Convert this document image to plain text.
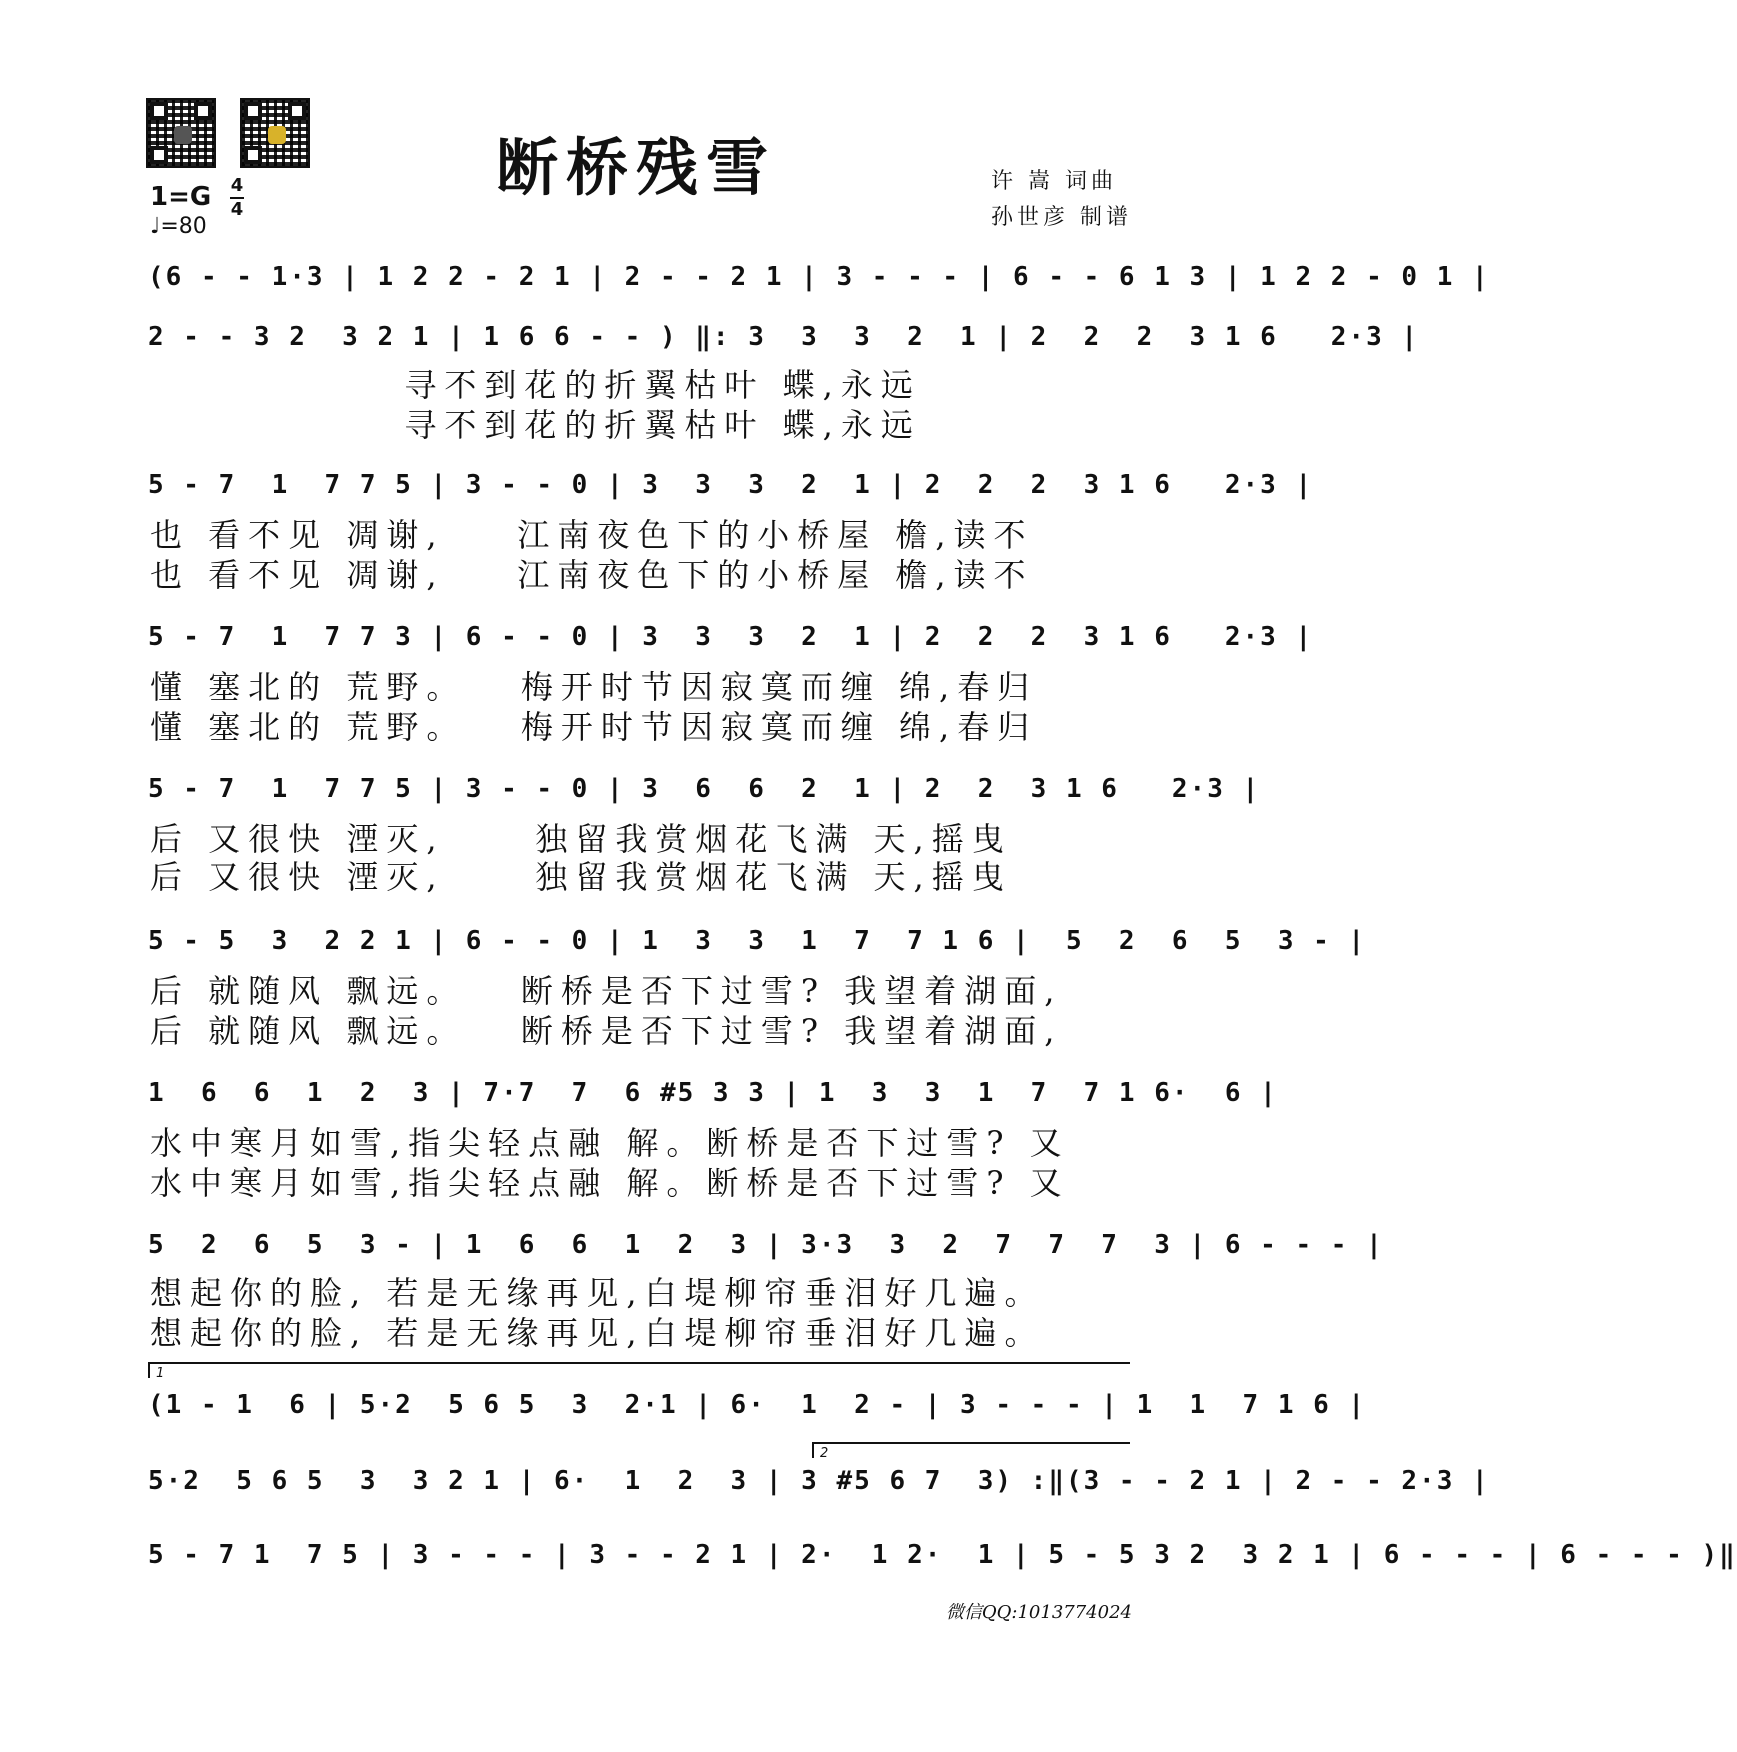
断桥残雪
1=G 4
4
♩=80
许 嵩 词曲
孙世彦 制谱
(6 - - 1·3 | 1 2 2 - 2 1 | 2 - - 2 1 | 3 - - - | 6 - - 6 1 3 | 1 2 2 - 0 1 |
2 - - 3 2  3 2 1 | 1 6 6 - - ) ‖: 3  3  3  2  1 | 2  2  2  3 1 6   2·3 |
寻不到花的折翼枯叶 蝶,永远
寻不到花的折翼枯叶 蝶,永远
5 - 7  1  7 7 5 | 3 - - 0 | 3  3  3  2  1 | 2  2  2  3 1 6   2·3 |
也 看不见 凋谢,    江南夜色下的小桥屋 檐,读不
也 看不见 凋谢,    江南夜色下的小桥屋 檐,读不
5 - 7  1  7 7 3 | 6 - - 0 | 3  3  3  2  1 | 2  2  2  3 1 6   2·3 |
懂 塞北的 荒野。   梅开时节因寂寞而缠 绵,春归
懂 塞北的 荒野。   梅开时节因寂寞而缠 绵,春归
5 - 7  1  7 7 5 | 3 - - 0 | 3  6  6  2  1 | 2  2  3 1 6   2·3 |
后 又很快 湮灭,     独留我赏烟花飞满 天,摇曳
后 又很快 湮灭,     独留我赏烟花飞满 天,摇曳
5 - 5  3  2 2 1 | 6 - - 0 | 1  3  3  1  7  7 1 6 |  5  2  6  5  3 - |
后 就随风 飘远。   断桥是否下过雪? 我望着湖面,
后 就随风 飘远。   断桥是否下过雪? 我望着湖面,
1  6  6  1  2  3 | 7·7  7  6 #5 3 3 | 1  3  3  1  7  7 1 6·  6 |
水中寒月如雪,指尖轻点融 解。断桥是否下过雪? 又
水中寒月如雪,指尖轻点融 解。断桥是否下过雪? 又
5  2  6  5  3 - | 1  6  6  1  2  3 | 3·3  3  2  7  7  7  3 | 6 - - - |
想起你的脸, 若是无缘再见,白堤柳帘垂泪好几遍。
想起你的脸, 若是无缘再见,白堤柳帘垂泪好几遍。
1
(1 - 1  6 | 5·2  5 6 5  3  2·1 | 6·  1  2 - | 3 - - - | 1  1  7 1 6 |
2
5·2  5 6 5  3  3 2 1 | 6·  1  2  3 | 3 #5 6 7  3) :‖(3 - - 2 1 | 2 - - 2·3 |
5 - 7 1  7 5 | 3 - - - | 3 - - 2 1 | 2·  1 2·  1 | 5 - 5 3 2  3 2 1 | 6 - - - | 6 - - - )‖
微信QQ:1013774024
